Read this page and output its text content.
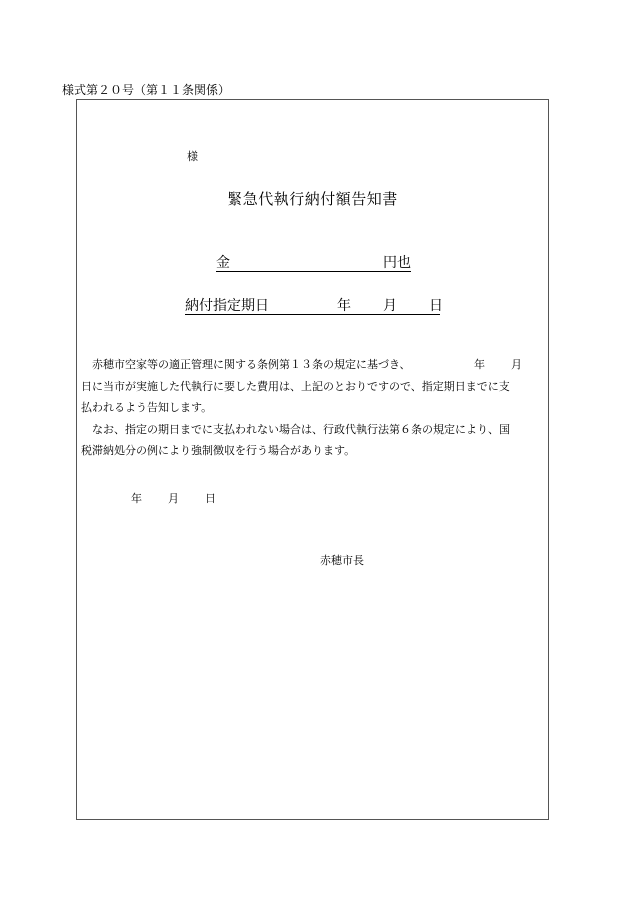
様式第２０号（第１１条関係）
様
緊急代執行納付額告知書
金	円也
納付指定期日	年 月 日
赤穂市空家等の適正管理に関する条例第１３条の規定に基づき、	年 月
日に当市が実施した代執行に要した費用は、上記のとおりですので、指定期日までに支
払われるよう告知します。
なお、指定の期日までに支払われない場合は、行政代執行法第６条の規定により、国
税滞納処分の例により強制徴収を行う場合があります。
年 月 日
赤穂市長
